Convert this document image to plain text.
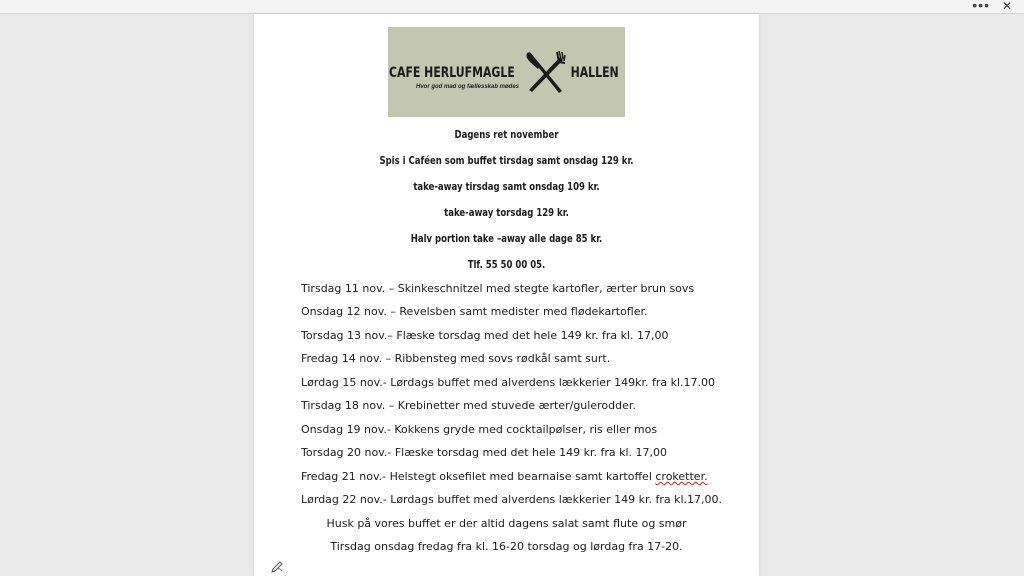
••• ✕
CAFE HERLUFMAGLE	HALLEN
Hvor god mad og fællesskab mødes
Dagens ret november
Spis i Caféen som buffet tirsdag samt onsdag 129 kr.
take-away tirsdag samt onsdag 109 kr.
take-away torsdag 129 kr.
Halv portion take –away alle dage 85 kr.
Tlf. 55 50 00 05.
Tirsdag 11 nov. – Skinkeschnitzel med stegte kartofler, ærter brun sovs
Onsdag 12 nov. – Revelsben samt medister med flødekartofler.
Torsdag 13 nov.– Flæske torsdag med det hele 149 kr. fra kl. 17,00
Fredag 14 nov. – Ribbensteg med sovs rødkål samt surt.
Lørdag 15 nov.- Lørdags buffet med alverdens lækkerier 149kr. fra kl.17.00
Tirsdag 18 nov. – Krebinetter med stuvede ærter/gulerodder.
Onsdag 19 nov.- Kokkens gryde med cocktailpølser, ris eller mos
Torsdag 20 nov.- Flæske torsdag med det hele 149 kr. fra kl. 17,00
Fredag 21 nov.- Helstegt oksefilet med bearnaise samt kartoffel croketter.
Lørdag 22 nov.- Lørdags buffet med alverdens lækkerier 149 kr. fra kl.17,00.
Husk på vores buffet er der altid dagens salat samt flute og smør
Tirsdag onsdag fredag fra kl. 16-20 torsdag og lørdag fra 17-20.
